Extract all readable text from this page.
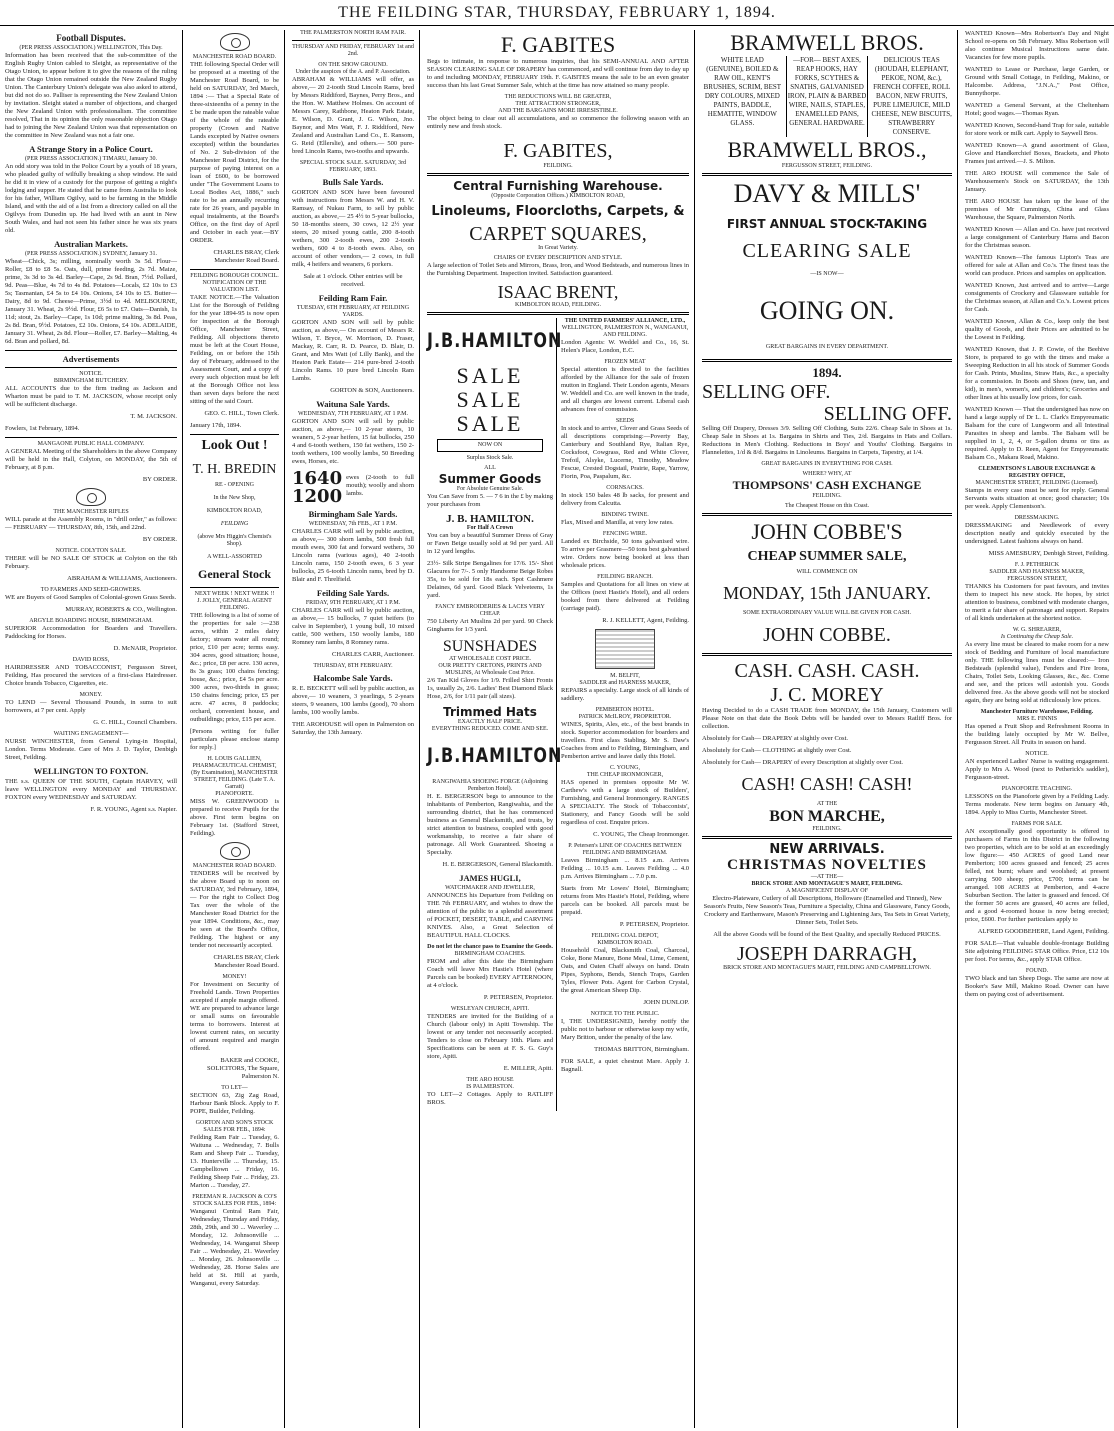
THE FEILDING STAR, THURSDAY, FEBRUARY 1, 1894.
Football Disputes.
(PER PRESS ASSOCIATION.) WELLINGTON, This Day.
Information has been received that the sub-committee of the English Rugby Union cabled to Sleight, as representative of the Otago Union, to appear before it to give the reasons of the ruling that the Otago Union remained outside the New Zealand Rugby Union. The Canterbury Union's delegate was also asked to attend, but did not do so. Palliser is representing the New Zealand Union by invitation. Sleight stated a number of objections, and charged the New Zealand Union with professionalism. The committee resolved, That in its opinion the only reasonable objection Otago had to joining the New Zealand Union was that representation on the committee in New Zealand was not a fair one.
A Strange Story in a Police Court.
(PER PRESS ASSOCIATION.) TIMARU, January 30.
An odd story was told in the Police Court by a youth of 18 years, who pleaded guilty of wilfully breaking a shop window. He said he did it in view of a custody for the purpose of getting a night's lodging and supper. He stated that he came from Australia to look for his father, William Ogilvy, said to be farming in the Middle Island, and with the aid of a list from a directory called on all the Ogilvys from Dunedin up. He had lived with an aunt in New South Wales, and had not seen his father since he was six years old.
Australian Markets.
(PER PRESS ASSOCIATION.) SYDNEY, January 31.
Wheat—Chick, 3s; milling, nominally worth 3s 5d. Flour—Roller, £8 to £8 5s. Oats, dull, prime feeding, 2s 7d. Maize, prime, 3s 3d to 3s 4d. Barley—Cape, 2s 9d. Bran, 7½d. Pollard, 9d. Peas—Blue, 4s 7d to 4s 8d. Potatoes—Locals, £2 10s to £3 5s; Tasmanian, £4 5s to £4 10s. Onions, £4 10s to £5. Butter—Dairy, 8d to 9d. Cheese—Prime, 3½d to 4d. MELBOURNE, January 31. Wheat, 2s 9½d. Flour, £6 5s to £7. Oats—Danish, 1s 11d; stout, 2s. Barley—Cape, 1s 10d; prime malting, 3s 8d. Peas, 2s 8d. Bran, 9½d. Potatoes, £2 10s. Onions, £4 10s. ADELAIDE, January 31. Wheat, 2s 8d. Flour—Roller, £7. Barley—Malting, 4s 6d. Bran and pollard, 8d.
Advertisements
NOTICE.
BIRMINGHAM BUTCHERY.
ALL ACCOUNTS due to the firm trading as Jackson and Wharton must be paid to T. M. JACKSON, whose receipt only will be sufficient discharge.
T. M. JACKSON.
Fowlers, 1st February, 1894.
MANGAONE PUBLIC HALL COMPANY.
A GENERAL Meeting of the Shareholders in the above Company will be held in the Hall, Colyton, on MONDAY, the 5th of February, at 8 p.m.
BY ORDER.
THE MANCHESTER RIFLES
WILL parade at the Assembly Rooms, in "drill order," as follows:— FEBRUARY — THURSDAY, 8th, 15th, and 22nd.
BY ORDER.
NOTICE. COLYTON SALE.
THERE will be NO SALE OF STOCK at Colyton on the 6th February.
ABRAHAM & WILLIAMS, Auctioneers.
TO FARMERS AND SEED-GROWERS.
WE are Buyers of Good Samples of Colonial-grown Grass Seeds.
MURRAY, ROBERTS & CO., Wellington.
ARGYLE BOARDING HOUSE, BIRMINGHAM.
SUPERIOR Accommodation for Boarders and Travellers. Paddocking for Horses.
D. McNAIR, Proprietor.
DAVID ROSS,
HAIRDRESSER AND TOBACCONIST, Fergusson Street, Feilding, Has procured the services of a first-class Hairdresser. Choice brands Tobacco, Cigarettes, etc.
MONEY.
TO LEND — Several Thousand Pounds, in sums to suit borrowers, at 7 per cent. Apply
G. C. HILL, Council Chambers.
WAITING ENGAGEMENT—
NURSE WINCHESTER, from General Lying-in Hospital, London. Terms Moderate. Care of Mrs J. D. Taylor, Denbigh Street, Feilding.
WELLINGTON TO FOXTON.
THE s.s. QUEEN OF THE SOUTH, Captain HARVEY, will leave WELLINGTON every MONDAY and THURSDAY. FOXTON every WEDNESDAY and SATURDAY.
F. R. YOUNG, Agent s.s. Napier.
MANCHESTER ROAD BOARD.
THE following Special Order will be proposed at a meeting of the Manchester Road Board, to be held on SATURDAY, 3rd March, 1894 :— That a Special Rate of three-sixteenths of a penny in the £ be made upon the rateable value of the whole of the rateable property (Crown and Native Lands excepted by Native owners excepted) within the boundaries of No. 2 Sub-division of the Manchester Road District, for the purpose of paying interest on a loan of £600, to be borrowed under "The Government Loans to Local Bodies Act, 1886," such rate to be an annually recurring rate for 26 years, and payable in equal instalments, at the Board's Office, on the first day of April and October in each year.—BY ORDER.
CHARLES BRAY, Clerk Manchester Road Board.
FEILDING BOROUGH COUNCIL.
NOTIFICATION OF THE VALUATION LIST.
TAKE NOTICE.—The Valuation List for the Borough of Feilding for the year 1894-95 is now open for inspection at the Borough Office, Manchester Street, Feilding. All objections thereto must be left at the Court House, Feilding, on or before the 15th day of February, addressed to the Assessment Court, and a copy of every such objection must be left at the Borough Office not less than seven days before the next sitting of the said Court.
GEO. C. HILL, Town Clerk.
January 17th, 1894.
Look Out !
T. H. BREDIN
RE - OPENING
In the New Shop,
KIMBOLTON ROAD,
FEILDING
(above Mrs Higgin's Chemist's Shop).
A WELL-ASSORTED
General Stock
NEXT WEEK ! NEXT WEEK !!
J. JOLLY, GENERAL AGENT FEILDING.
THE following is a list of some of the properties for sale :—238 acres, within 2 miles dairy factory; stream water all round; price, £10 per acre; terms easy. 304 acres, good situation; house, &c.; price, £8 per acre. 130 acres, 8s 3s grass; 100 chains fencing; house, &c.; price, £4 5s per acre. 300 acres, two-thirds in grass; 150 chains fencing; price, £5 per acre. 47 acres, 8 paddocks; orchard, convenient house, and outbuildings; price, £15 per acre.
[Persons writing for fuller particulars please enclose stamp for reply.]
H. LOUIS GALLIEN, PHARMACEUTICAL CHEMIST, (By Examination), MANCHESTER STREET, FEILDING. (Late T. A. Garratt)
PIANOFORTE.
MISS W. GREENWOOD is prepared to receive Pupils for the above. First term begins on February 1st. (Stafford Street, Feilding).
MANCHESTER ROAD BOARD.
TENDERS will be received by the above Board up to noon on SATURDAY, 3rd February, 1894,— For the right to Collect Dog Tax over the whole of the Manchester Road District for the year 1894. Conditions, &c., may be seen at the Board's Office, Feilding. The highest or any tender not necessarily accepted.
CHARLES BRAY, Clerk Manchester Road Board.
MONEY!
For Investment on Security of Freehold Lands. Town Properties accepted if ample margin offered. WE are prepared to advance large or small sums on favourable terms to borrowers. Interest at lowest current rates, on security of amount required and margin offered.
BAKER and COOKE, SOLICITORS, The Square, Palmerston N.
TO LET—
SECTION 63, Zig Zag Road, Harbour Bank Block. Apply to F. POPE, Builder, Feilding.
GORTON AND SON'S STOCK SALES FOR FEB., 1894:
Feilding Ram Fair ... Tuesday, 6. Waituna ... Wednesday, 7. Bulls Ram and Sheep Fair ... Tuesday, 13. Hunterville ... Thursday, 15. Campbelltown ... Friday, 16. Feilding Sheep Fair ... Friday, 23. Marton ... Tuesday, 27.
FREEMAN R. JACKSON & CO'S STOCK SALES FOR FEB., 1894:
Wanganui Central Ram Fair, Wednesday, Thursday and Friday, 28th, 29th, and 30 ... Waverley ... Monday, 12. Johnsonville ... Wednesday, 14. Wanganui Sheep Fair ... Wednesday, 21. Waverley ... Monday, 26. Johnsonville ... Wednesday, 28. Horse Sales are held at St. Hill at yards, Wanganui, every Saturday.
THE PALMERSTON NORTH RAM FAIR.
THURSDAY AND FRIDAY, FEBRUARY 1st and 2nd.
ON THE SHOW GROUND.
Under the auspices of the A. and P. Association.
ABRAHAM & WILLIAMS will offer, as above,— 20 2-tooth Stud Lincoln Rams, bred by Messrs Riddiford, Baynes, Perry Bros., and the Hon. W. Matthew Holmes. On account of Messrs Carey, Rathbone, Heaton Park Estate, E. Wilson, D. Grant, J. G. Wilson, Jno. Baynor, and Mrs Watt, F. J. Riddiford, New Zealand and Australian Land Co., E. Ransom, G. Reid (Ellerslie), and others.— 500 pure-bred Lincoln Rams, two-tooths and upwards.
SPECIAL STOCK SALE. SATURDAY, 3rd FEBRUARY, 1893.
Bulls Sale Yards.
GORTON AND SON have been favoured with instructions from Messrs W. and H. V. Ramsay, of Nukau Farm, to sell by public auction, as above,— 25 4½ to 5-year bullocks, 50 18-months steers, 30 cows, 12 2½ year steers, 20 mixed young cattle, 200 8-tooth wethers, 300 2-tooth ewes, 200 2-tooth wethers, 600 4 to 8-tooth ewes. Also, on account of other vendors,— 2 cows, in full milk, 4 heifers and weaners, 6 porkers.
Sale at 1 o'clock. Other entries will be received.
Feilding Ram Fair.
TUESDAY, 6TH FEBRUARY, AT FEILDING YARDS.
GORTON AND SON will sell by public auction, as above,— On account of Messrs R. Wilson, T. Bryce, W. Morrison, D. Fraser, Mackay, R. Carr, R. D. Pearce, D. Blair, D. Grant, and Mrs Watt (of Lilly Bank), and the Heaton Park Estate— 214 pure-bred 2-tooth Lincoln Rams. 10 pure bred Lincoln Ram Lambs.
GORTON & SON, Auctioneers.
Waituna Sale Yards.
WEDNESDAY, 7TH FEBRUARY, AT 1 P.M.
GORTON AND SON will sell by public auction, as above,— 10 2-year steers, 10 weaners, 5 2-year heifers, 15 fat bullocks, 250 4 and 6-tooth wethers, 150 fat wethers, 150 2-tooth wethers, 100 woolly lambs, 50 Breeding ewes, Horses, etc.
1640
1200
ewes (2-tooth to full mouth); woolly and shorn lambs.
Birmingham Sale Yards.
WEDNESDAY, 7th FEB., AT 1 P.M.
CHARLES CARR will sell by public auction, as above,— 300 shorn lambs, 500 fresh full mouth ewes, 300 fat and forward wethers, 30 Lincoln rams (various ages), 40 2-tooth Lincoln rams, 150 2-tooth ewes, 6 3 year bullocks, 25 6-tooth Lincoln rams, bred by D. Blair and F. Threlfield.
Feilding Sale Yards.
FRIDAY, 9TH FEBRUARY, AT 1 P.M.
CHARLES CARR will sell by public auction, as above,— 15 bullocks, 7 quiet heifers (to calve in September), 1 young bull, 10 mixed cattle, 500 wethers, 150 woolly lambs, 180 Romney ram lambs, 8 Romney rams.
CHARLES CARR, Auctioneer.
THURSDAY, 8TH FEBRUARY.
Halcombe Sale Yards.
R. E. BECKETT will sell by public auction, as above,— 10 weaners, 3 yearlings, 5 2-years steers, 9 weaners, 100 lambs (good), 70 shorn lambs, 100 woolly lambs.
THE AROHOUSE will open in Palmerston on Saturday, the 13th January.
F. GABITES
Begs to intimate, in response to numerous inquiries, that his SEMI-ANNUAL AND AFTER SEASON CLEARING SALE OF DRAPERY has commenced, and will continue from day to day up to and including MONDAY, FEBRUARY 19th. F. GABITES means the sale to be an even greater success than his last Great Summer Sale, which at the time has now attained so many people.
THE REDUCTIONS WILL BE GREATER,
THE ATTRACTION STRONGER,
AND THE BARGAINS MORE IRRESISTIBLE.
The object being to clear out all accumulations, and so commence the following season with an entirely new and fresh stock.
F. GABITES,
FEILDING.
Central Furnishing Warehouse.
(Opposite Corporation Offices.) KIMBOLTON ROAD,
Linoleums, Floorcloths, Carpets, &
CARPET SQUARES,
In Great Variety.
CHAIRS OF EVERY DESCRIPTION AND STYLE.
A large selection of Toilet Sets and Mirrors, Brass, Iron, and Wood Bedsteads, and numerous lines in the Furnishing Department. Inspection invited. Satisfaction guaranteed.
ISAAC BRENT,
KIMBOLTON ROAD, FEILDING.
J.B.HAMILTON
SALE
SALE
SALE
NOW ON
Surplus Stock Sale.
ALL
Summer Goods
For Absolute Genuine Sale.
You Can Save from 5. — 7 6 in the £ by making your purchases from
J. B. HAMILTON.
For Half A Crown
You can buy a beautiful Summer Dress of Gray or Fawn Beige usually sold at 9d per yard. All in 12 yard lengths.
23½- Silk Stripe Bengalines for 17/6. 15/- Shot Glacures for 7/-. 5 only Handsome Beige Robes 35s, to be sold for 18s each. Spot Cashmere Delaines, 6d yard. Good Black Velveteens, 1s yard.
FANCY EMBROIDERIES & LACES VERY CHEAP.
750 Liberty Art Muslins 2d per yard. 90 Check Ginghams for 1/3 yard.
SUNSHADES
AT WHOLESALE COST PRICE.
OUR PRETTY CRETONS, PRINTS AND MUSLINS, At Wholesale Cost Price.
2/6 Tan Kid Gloves for 1/9. Frilled Shirt Fronts 1s, usually 2s, 2/6. Ladies' Best Diamond Black Hose, 2/6, for 1/11 pair (all sizes).
Trimmed Hats
EXACTLY HALF PRICE.
EVERYTHING REDUCED. COME AND SEE.
J.B.HAMILTON
RANGIWAHIA SHOEING FORGE (Adjoining Pemberton Hotel).
H. E. BERGERSON begs to announce to the inhabitants of Pemberton, Rangiwahia, and the surrounding district, that he has commenced business as General Blacksmith, and trusts, by strict attention to business, coupled with good workmanship, to receive a fair share of patronage. All Work Guaranteed. Shoeing a Specialty.
H. E. BERGERSON, General Blacksmith.
JAMES HUGLI,
WATCHMAKER AND JEWELLER,
ANNOUNCES his Departure from Feilding on THE 7th FEBRUARY, and wishes to draw the attention of the public to a splendid assortment of POCKET, DESERT, TABLE, and CARVING KNIVES. Also, a Great Selection of BEAUTIFUL HALL CLOCKS.
Do not let the chance pass to Examine the Goods.
BIRMINGHAM COACHES.
FROM and after this date the Birmingham Coach will leave Mrs Hastie's Hotel (where Parcels can be booked) EVERY AFTERNOON, at 4 o'clock.
P. PETERSEN, Proprietor.
WESLEYAN CHURCH, APITI.
TENDERS are invited for the Building of a Church (labour only) in Apiti Township. The lowest or any tender not necessarily accepted. Tenders to close on February 10th. Plans and Specifications can be seen at F. S. G. Guy's store, Apiti.
E. MILLER, Apiti.
THE ARO HOUSE
IS PALMERSTON.
TO LET—2 Cottages. Apply to RATLIFF BROS.
THE UNITED FARMERS' ALLIANCE, LTD.,
WELLINGTON, PALMERSTON N., WANGANUI, AND FEILDING.
London Agents: W. Weddel and Co., 16, St. Helen's Place, London, E.C.
FROZEN MEAT
Special attention is directed to the facilities afforded by the Alliance for the sale of frozen mutton in England. Their London agents, Messrs W. Weddell and Co. are well known in the trade, and all charges are lowest current. Liberal cash advances free of commission.
SEEDS
In stock and to arrive, Clover and Grass Seeds of all descriptions comprising:—Poverty Bay, Canterbury and Southland Rye, Italian Rye, Cocksfoot, Cowgrass, Red and White Clover, Trefoil, Alsyke, Lucerne, Timothy, Meadow Fescue, Crested Dogstail, Prairie, Rape, Yarrow, Fiorin, Poa, Paspalum, &c.
CORNSACKS.
In stock 150 bales 48 lb sacks, for present and delivery from Calcutta.
BINDING TWINE.
Flax, Mixed and Manilla, at very low rates.
FENCING WIRE.
Landed ex Birchside, 50 tons galvanised wire. To arrive per Grasmere—50 tons best galvanised wire. Orders now being booked at less than wholesale prices.
FEILDING BRANCH.
Samples and Quotations for all lines on view at the Offices (next Hastie's Hotel), and all orders booked from there delivered at Feilding (carriage paid).
R. J. KELLETT, Agent, Feilding.
M. BELFIT,
SADDLER and HARNESS MAKER,
REPAIRS a specialty. Large stock of all kinds of saddlery.
PEMBERTON HOTEL.
PATRICK McILROY, PROPRIETOR.
WINES, Spirits, Ales, etc., of the best brands in stock. Superior accommodation for boarders and travellers. First class Stabling. Mr S. Daw's Coaches from and to Feilding, Birmingham, and Pemberton arrive and leave daily this Hotel.
C. YOUNG,
THE CHEAP IRONMONGER,
HAS opened in premises opposite Mr W. Carthew's with a large stock of Builders', Furnishing, and General Ironmongery. RANGES A SPECIALTY. The Stock of Tobacconists', Stationery, and Fancy Goods will be sold regardless of cost. Enquire prices.
C. YOUNG, The Cheap Ironmonger.
P. Petersen's LINE OF COACHES BETWEEN FEILDING AND BIRMINGHAM.
Leaves Birmingham ... 8.15 a.m. Arrives Feilding ... 10.15 a.m. Leaves Feilding ... 4.0 p.m. Arrives Birmingham ... 7.0 p.m.
Starts from Mr Lowes' Hotel, Birmingham; returns from Mrs Hastie's Hotel, Feilding, where parcels can be booked. All parcels must be prepaid.
P. PETERSEN, Proprietor.
FEILDING COAL DEPOT,
KIMBOLTON ROAD.
Household Coal, Blacksmith Coal, Charcoal, Coke, Bone Manure, Bone Meal, Lime, Cement, Oats, and Oaten Chaff always on hand. Drain Pipes, Syphons, Bends, Stench Traps, Garden Tyles, Flower Pots. Agent for Carbon Crystal, the great American Sheep Dip.
JOHN DUNLOP.
NOTICE TO THE PUBLIC.
I, THE UNDERSIGNED, hereby notify the public not to harbour or otherwise keep my wife, Mary Britton, under the penalty of the law.
THOMAS BRITTON, Birmingham.
FOR SALE, a quiet chestnut Mare. Apply J. Bagnall.
BRAMWELL BROS.
WHITE LEAD (GENUINE), BOILED & RAW OIL, KENT'S BRUSHES, SCRIM, BEST DRY COLOURS, MIXED PAINTS, BADDLE, HEMATITE, WINDOW GLASS.
—FOR— BEST AXES, REAP HOOKS, HAY FORKS, SCYTHES & SNATHS, GALVANISED IRON, PLAIN & BARBED WIRE, NAILS, STAPLES, ENAMELLED PANS, GENERAL HARDWARE.
DELICIOUS TEAS (HOUDAH, ELEPHANT, PEKOE, NOM, &c.), FRENCH COFFEE, ROLL BACON, NEW FRUITS, PURE LIMEJUICE, MILD CHEESE, NEW BISCUITS, STRAWBERRY CONSERVE.
BRAMWELL BROS.,
FERGUSSON STREET, FEILDING.
DAVY & MILLS'
FIRST ANNUAL STOCK-TAKING
CLEARING SALE
—IS NOW—
GOING ON.
GREAT BARGAINS IN EVERY DEPARTMENT.
1894.
SELLING OFF.
SELLING OFF.
Selling Off Drapery, Dresses 3/9. Selling Off Clothing, Suits 22/6. Cheap Sale in Shoes at 1s. Cheap Sale in Shoes at 1s. Bargains in Shirts and Ties, 2/d. Bargains in Hats and Collars. Reductions in Men's Clothing. Reductions in Boys' and Youths' Clothing. Bargains in Flannelettes, 1/d & 8/d. Bargains in Linoleums. Bargains in Carpets, Tapestry, at 1/4.
GREAT BARGAINS IN EVERYTHING FOR CASH.
WHERE? WHY, AT
THOMPSONS' CASH EXCHANGE
FEILDING.
The Cheapest House on this Coast.
JOHN COBBE'S
CHEAP SUMMER SALE,
WILL COMMENCE ON
MONDAY, 15th JANUARY.
SOME EXTRAORDINARY VALUE WILL BE GIVEN FOR CASH.
JOHN COBBE.
CASH. CASH. CASH.
J. C. MOREY
Having Decided to do a CASH TRADE from MONDAY, the 15th January, Customers will Please Note on that date the Book Debts will be handed over to Messrs Ratliff Bros. for collection.
Absolutely for Cash— DRAPERY at slightly over Cost.
Absolutely for Cash— CLOTHING at slightly over Cost.
Absolutely for Cash— DRAPERY of every Description at slightly over Cost.
CASH! CASH! CASH!
AT THE
BON MARCHE,
FEILDING.
NEW ARRIVALS.
CHRISTMAS NOVELTIES
—AT THE—
BRICK STORE AND MONTAGUE'S MART, FEILDING.
A MAGNIFICENT DISPLAY OF
Electro-Plateware, Cutlery of all Descriptions, Holloware (Enamelled and Tinned), New Season's Fruits, New Season's Teas, Furniture a Specialty, China and Glassware, Fancy Goods, Crockery and Earthenware, Mason's Preserving and Lightening Jars, Tea Sets in Great Variety, Dinner Sets, Toilet Sets.
All the above Goods will be found of the Best Quality, and specially Reduced PRICES.
JOSEPH DARRAGH,
BRICK STORE AND MONTAGUE'S MART, FEILDING AND CAMPBELLTOWN.
WANTED Known—Mrs Robertson's Day and Night School re-opens on 5th February. Miss Robertson will also continue Musical Instructions same date. Vacancies for few more pupils.
WANTED to Lease or Purchase, large Garden, or Ground with Small Cottage, in Feilding, Makino, or Halcombe. Address, "J.N.A.," Post Office, Bunnythorpe.
WANTED a General Servant, at the Cheltenham Hotel; good wages.—Thomas Ryan.
WANTED Known, Second-hand Trap for sale, suitable for store work or milk cart. Apply to Saywell Bros.
WANTED Known—A grand assortment of Glass, Glove and Handkerchief Boxes, Brackets, and Photo Frames just arrived.—J. S. Milton.
THE ARO HOUSE will commence the Sale of Warehousemen's Stock on SATURDAY, the 13th January.
THE ARO HOUSE has taken up the lease of the premises of Mr Cummings, China and Glass Warehouse, the Square, Palmerston North.
WANTED Known — Allan and Co. have just received a large consignment of Canterbury Hams and Bacon for the Christmas season.
WANTED Known—The famous Lipton's Teas are offered for sale at Allan and Co.'s. The finest teas the world can produce. Prices and samples on application.
WANTED Known, Just arrived and to arrive—Large consignments of Crockery and Glassware suitable for the Christmas season, at Allan and Co.'s. Lowest prices for Cash.
WANTED Known, Allan & Co., keep only the best quality of Goods, and their Prices are admitted to be the Lowest in Feilding.
WANTED Known, that J. P. Cowie, of the Beehive Store, is prepared to go with the times and make a Sweeping Reduction in all his stock of Summer Goods for Cash. Prints, Muslins, Straw Hats, &c., a specialty for a commission. In Boots and Shoes (new, tan, and kid), in men's, women's, and children's; Groceries and other lines at his usually low prices, for cash.
WANTED Known — That the undersigned has now on hand a large supply of Dr L. L. Clark's Empyreumatic Balsam for the cure of Lungworm and all Intestinal Parasites in sheep and lambs. The Balsam will be supplied in 1, 2, 4, or 5-gallon drums or tins as required. Apply to D. Reen, Agent for Empyreumatic Balsam Co., Makara Road, Makino.
CLEMENTSON'S LABOUR EXCHANGE & REGISTRY OFFICE,
MANCHESTER STREET, FEILDING (Licensed).
Stamps in every case must be sent for reply. General Servants waits situation at once; good character; 10s per week. Apply Clementson's.
DRESSMAKING.
DRESSMAKING and Needlework of every description neatly and quickly executed by the undersigned. Latest fashions always on hand.
MISS AMESBURY, Denbigh Street, Feilding.
F. J. PETHERICK
SADDLER AND HARNESS MAKER,
FERGUSSON STREET,
THANKS his Customers for past favours, and invites them to inspect his new stock. He hopes, by strict attention to business, combined with moderate charges, to merit a fair share of patronage and support. Repairs of all kinds undertaken at the shortest notice.
W. G. SHREARER,
Is Continuing the Cheap Sale.
As every line must be cleared to make room for a new stock of Bedding and Furniture of local manufacture only. THE following lines must be cleared:— Iron Bedsteads (splendid value), Fenders and Fire Irons, Chairs, Toilet Sets, Looking Glasses, &c., &c. Come and see, and the prices will astonish you. Goods delivered free. As the above goods will not be stocked again, they are being sold at ridiculously low prices.
Manchester Furniture Warehouse, Feilding.
MRS E. FINNIS
Has opened a Fruit Shop and Refreshment Rooms in the building lately occupied by Mr W. Bellve, Fergusson Street. All Fruits in season on hand.
NOTICE.
AN experienced Ladies' Nurse is waiting engagement. Apply to Mrs A. Wood (next to Petherick's saddler), Fergusson-street.
PIANOFORTE TEACHING.
LESSONS on the Pianoforte given by a Feilding Lady. Terms moderate. New term begins on January 4th, 1894. Apply to Miss Curtis, Manchester Street.
FARMS FOR SALE.
AN exceptionally good opportunity is offered to purchasers of Farms in this District in the following two properties, which are to be sold at an exceedingly low figure:— 450 ACRES of good Land near Pemberton; 100 acres grassed and fenced; 25 acres felled, not burnt; whare and woolshed; at present carrying 500 sheep; price, £700; terms can be arranged. 108 ACRES at Pemberton, and 4-acre Suburban Section. The latter is grassed and fenced. Of the former 50 acres are grassed, 40 acres are felled, and a good 4-roomed house is now being erected; price, £600. For further particulars apply to
ALFRED GOODBEHERE, Land Agent, Feilding.
FOR SALE—That valuable double-frontage Building Site adjoining FEILDING STAR Office. Price, £12 10s per foot. For terms, &c., apply STAR Office.
FOUND.
TWO black and tan Sheep Dogs. The same are now at Booker's Saw Mill, Makino Road. Owner can have them on paying cost of advertisement.
